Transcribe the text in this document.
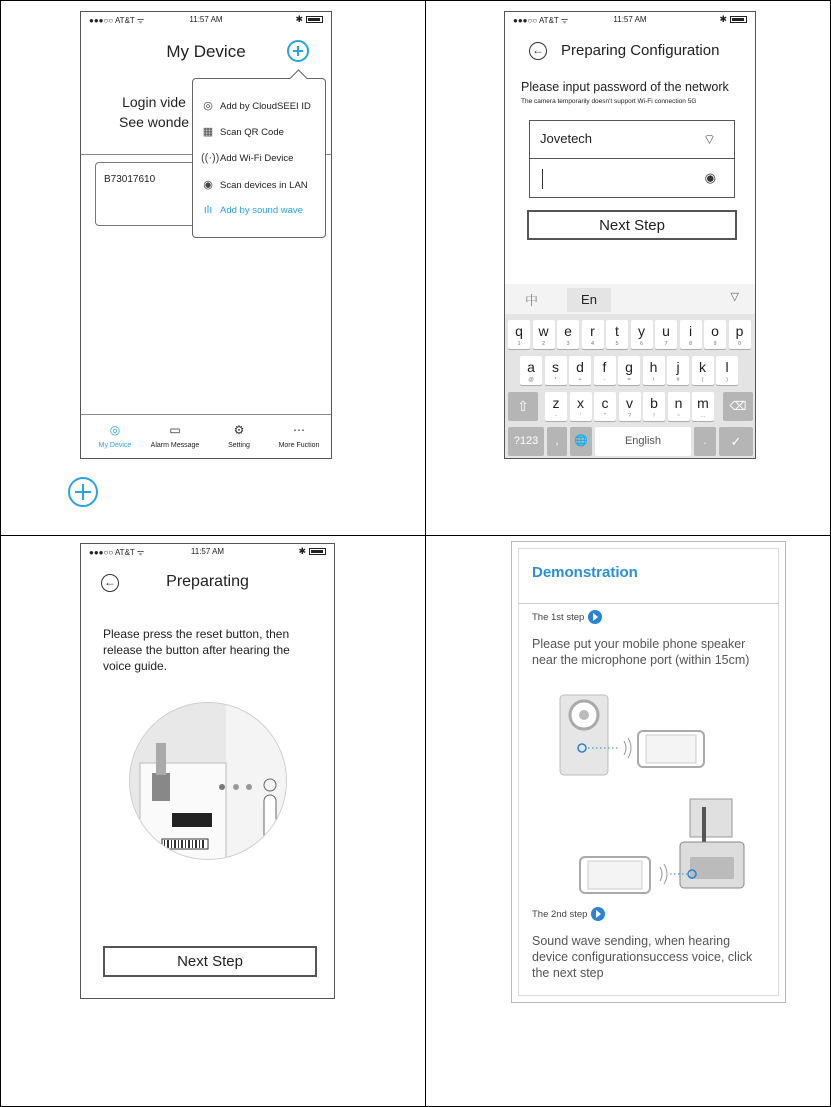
●●●○○ AT&T ᯤ	11:57 AM	✱
My Device
Login vide
See wonde
B73017610
◎ Add by CloudSEEI ID
▦ Scan QR Code
((·)) Add Wi-Fi Device
◉ Scan devices in LAN
ılı Add by sound wave
◎
My Device
▭
Alarm Message
⚙
Setting
⋯
More Fuction
●●●○○ AT&T ᯤ	11:57 AM	✱
← Preparing Configuration
Please input password of the network
The camera temporarily doesn't support Wi-Fi connection 5G
Jovetech	⌔
◉
Next Step
中	En	▽
q
1
w
2
e
3
r
4
t
5
y
6
u
7
i
8
o
9
p
0
a
@
s
*
d
+
f
-
g
=
h
/
j
#
k
(
l
)
⇧	z
-
x
'
c
"
v
?
b
!
n
~
m
…
⌫
?123	,	🌐	English	.	✓
●●●○○ AT&T ᯤ	11:57 AM	✱
←	Preparating
Please press the reset button, then release the button after hearing the voice guide.
Next Step
Demonstration
The 1st step
Please put your mobile phone speaker near the microphone port (within 15cm)
The 2nd step
Sound wave sending, when hearing device configurationsuccess voice, click the next step
